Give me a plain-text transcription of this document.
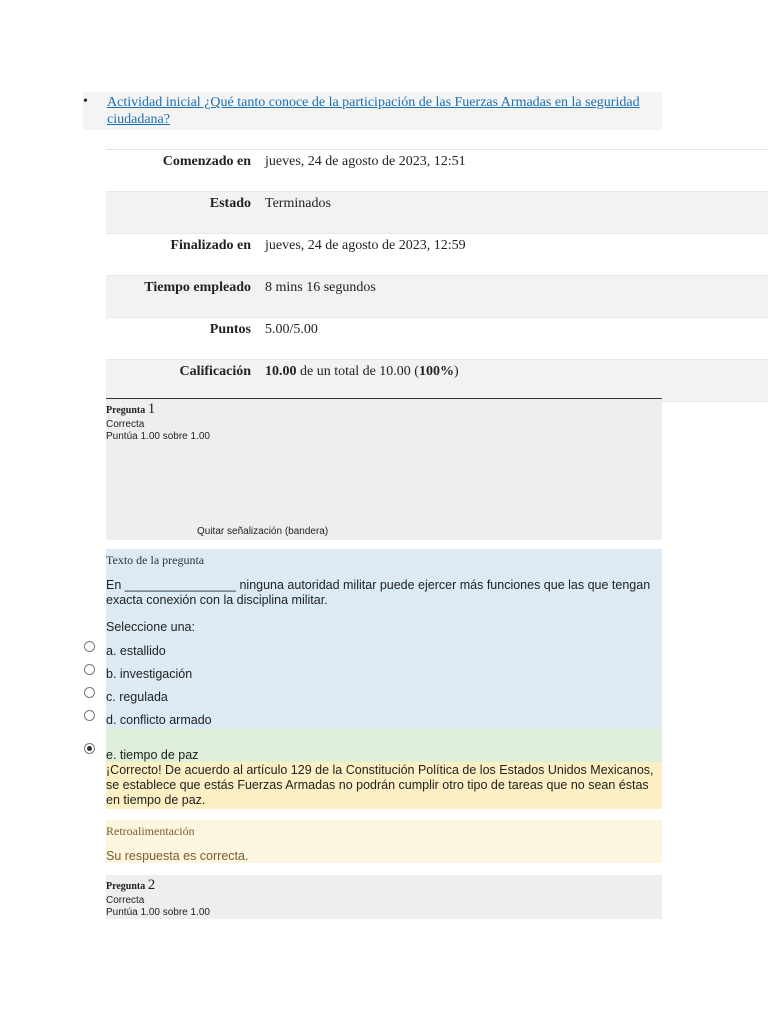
• Actividad inicial ¿Qué tanto conoce de la participación de las Fuerzas Armadas en la seguridad ciudadana?
Comenzado en jueves, 24 de agosto de 2023, 12:51
Estado Terminados
Finalizado en jueves, 24 de agosto de 2023, 12:59
Tiempo empleado 8 mins 16 segundos
Puntos 5.00/5.00
Calificación 10.00 de un total de 10.00 (100%)
Pregunta 1
Correcta
Puntúa 1.00 sobre 1.00
Quitar señalización (bandera)
Texto de la pregunta
En ________________ ninguna autoridad militar puede ejercer más funciones que las que tengan exacta conexión con la disciplina militar.
Seleccione una:
a. estallido
b. investigación
c. regulada
d. conflicto armado
e. tiempo de paz
¡Correcto! De acuerdo al artículo 129 de la Constitución Política de los Estados Unidos Mexicanos, se establece que estás Fuerzas Armadas no podrán cumplir otro tipo de tareas que no sean éstas en tiempo de paz.
Retroalimentación
Su respuesta es correcta.
Pregunta 2
Correcta
Puntúa 1.00 sobre 1.00
